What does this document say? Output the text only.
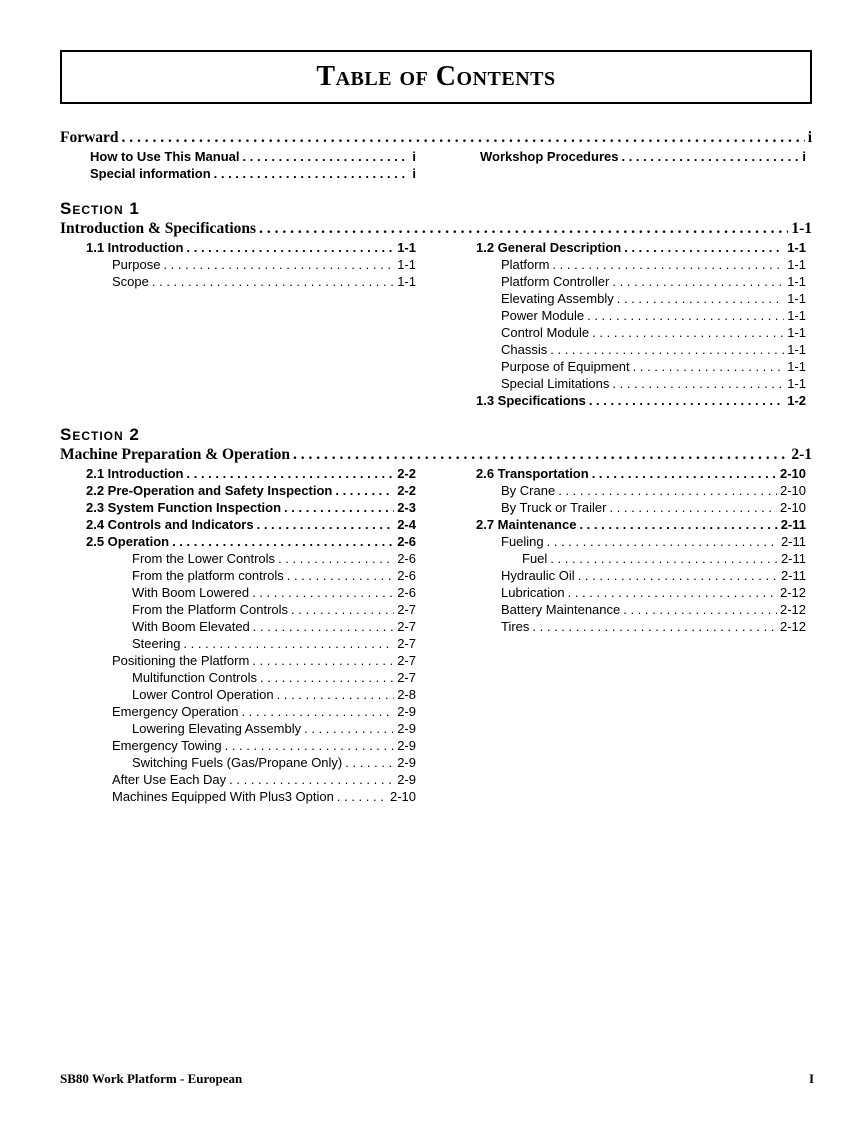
Table of Contents
Forward . . .	i
How to Use This Manual . . .	i	Workshop Procedures . . .	i
Special information . . .	i
Section 1
Introduction & Specifications . . .	1-1
1.1 Introduction . . .	1-1
Purpose . . .	1-1
Scope . . .	1-1
1.2 General Description . . .	1-1
Platform . . .	1-1
Platform Controller . . .	1-1
Elevating Assembly . . .	1-1
Power Module . . .	1-1
Control Module . . .	1-1
Chassis . . .	1-1
Purpose of Equipment . . .	1-1
Special Limitations . . .	1-1
1.3 Specifications . . .	1-2
Section 2
Machine Preparation & Operation . . .	2-1
2.1 Introduction . . .	2-2
2.2 Pre-Operation and Safety Inspection . . .	2-2
2.3 System Function Inspection . . .	2-3
2.4 Controls and Indicators . . .	2-4
2.5 Operation . . .	2-6
From the Lower Controls . . .	2-6
From the platform controls . . .	2-6
With Boom Lowered . . .	2-6
From the Platform Controls . . .	2-7
With Boom Elevated . . .	2-7
Steering . . .	2-7
Positioning the Platform . . .	2-7
Multifunction Controls . . .	2-7
Lower Control Operation . . .	2-8
Emergency Operation . . .	2-9
Lowering Elevating Assembly . . .	2-9
Emergency Towing . . .	2-9
Switching Fuels (Gas/Propane Only) . . .	2-9
After Use Each Day . . .	2-9
Machines Equipped With Plus3 Option . . .	2-10
2.6 Transportation . . .	2-10
By Crane . . .	2-10
By Truck or Trailer . . .	2-10
2.7 Maintenance . . .	2-11
Fueling . . .	2-11
Fuel . . .	2-11
Hydraulic Oil . . .	2-11
Lubrication . . .	2-12
Battery Maintenance . . .	2-12
Tires . . .	2-12
SB80 Work Platform - European	I
